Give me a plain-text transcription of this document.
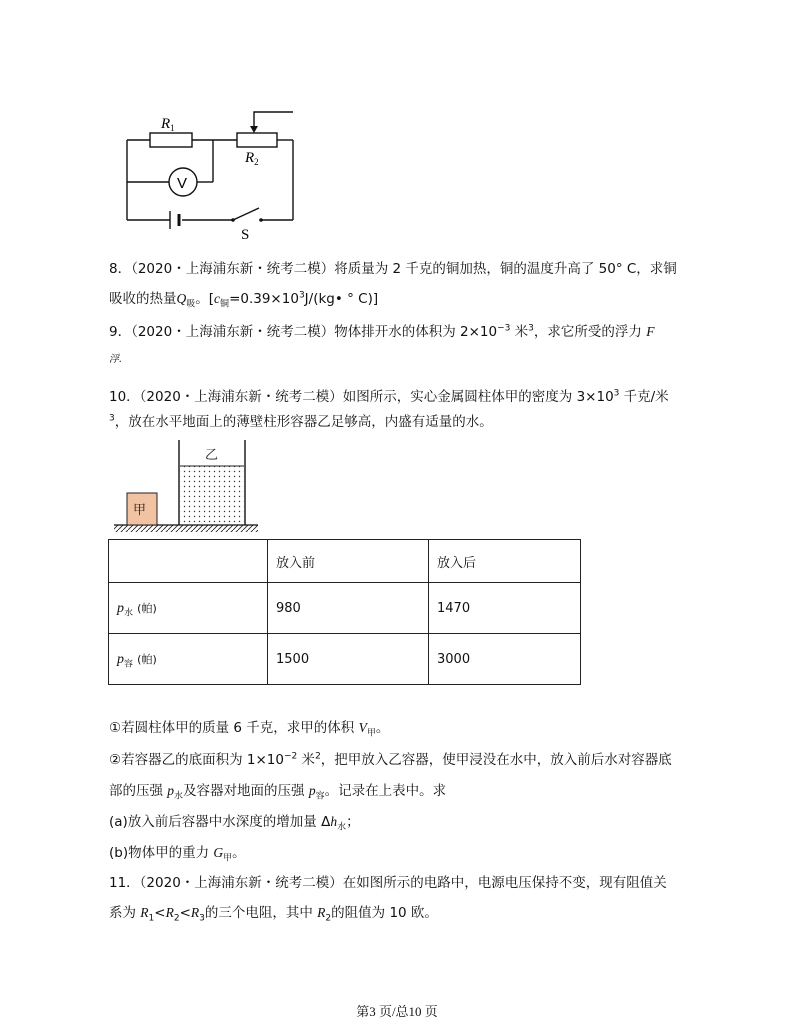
$R_1$
$R_2$
V
S
8．（2020・上海浦东新・统考二模）将质量为 2 千克的铜加热，铜的温度升高了 50° C，求铜
吸收的热量$Q_吸$。[$c_铜=0.39\times 10^3J/(kg•$ ° C)]
9．（2020・上海浦东新・统考二模）物体排开水的体积为 $2\times 10^{-3}$ 米$^3$，求它所受的浮力 F
浮.
10．（2020・上海浦东新・统考二模）如图所示，实心金属圆柱体甲的密度为 $3\times 10^3$ 千克/米
$^3$，放在水平地面上的薄壁柱形容器乙足够高，内盛有适量的水。
甲
乙
	放入前	放入后
$p_水$ (帕)	980	1470
$p_容$ (帕)	1500	3000
①若圆柱体甲的质量 6 千克，求甲的体积 $V_甲$。
②若容器乙的底面积为 $1\times 10^{-2}$ 米$^2$，把甲放入乙容器，使甲浸没在水中，放入前后水对容器底
部的压强 $p_水$及容器对地面的压强 $p_容$。记录在上表中。求
(a)放入前后容器中水深度的增加量 $\Delta h_水$；
(b)物体甲的重力 $G_甲$。
11．（2020・上海浦东新・统考二模）在如图所示的电路中，电源电压保持不变，现有阻值关
系为 $R_1<R_2<R_3$的三个电阻，其中 $R_2$的阻值为 10 欧。
第3 页/总10 页
